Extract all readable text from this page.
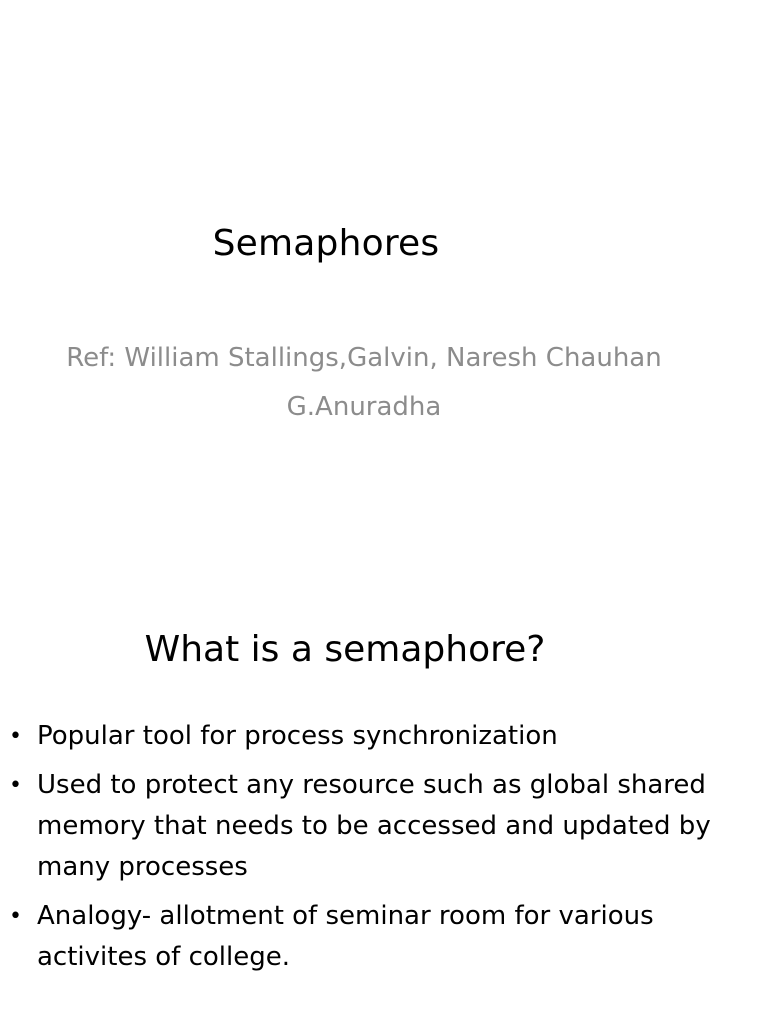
Semaphores
Ref: William Stallings,Galvin, Naresh Chauhan
G.Anuradha
What is a semaphore?
• Popular tool for process synchronization
• Used to protect any resource such as global shared memory that needs to be accessed and updated by many processes
• Analogy- allotment of seminar room for various activites of college.
